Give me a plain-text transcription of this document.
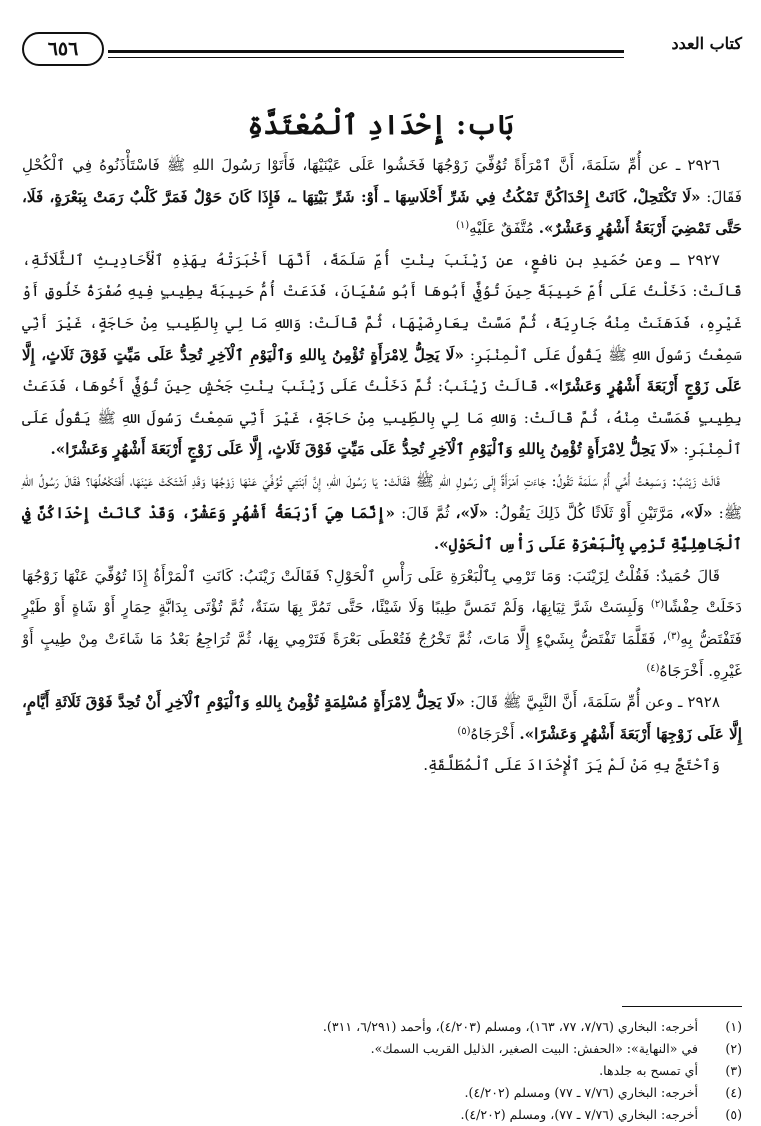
٦٥٦	كتاب العدد
بَاب: إِحْدَادِ ٱلْمُعْتَدَّةِ

٢٩٢٦ ـ عن أُمِّ سَلَمَةَ، أَنَّ ٱمْرَأَةً تُوُفِّيَ زَوْجُهَا فَخَشُوا عَلَى عَيْنَيْهَا، فَأَتَوْا رَسُولَ اللهِ ﷺ فَاسْتَأْذَنُوهُ فِي ٱلْكُحْلِ فَقَالَ: «لَا تَكْتَحِلْ، كَانَتْ إِحْدَاكُنَّ تَمْكُثُ فِي شَرِّ أَحْلَاسِهَا ـ أَوْ: شَرِّ بَيْتِهَا ـ، فَإِذَا كَانَ حَوْلٌ فَمَرَّ كَلْبٌ رَمَتْ بِبَعْرَةٍ، فَلَا، حَتَّى تَمْضِيَ أَرْبَعَةُ أَشْهُرٍ وَعَشْرٌ». مُتَّفَقٌ عَلَيْهِ$^{(١)}$

٢٩٢٧ ـ وعن حُمَيدِ بن نافعٍ، عن زَيْنَبَ بِنْتِ أُمِّ سَلَمَةَ، أَنَّهَا أَخْبَرَتْهُ بِهَذِهِ ٱلْأَحَادِيثِ ٱلثَّلَاثَةِ، قَالَتْ: دَخَلْتُ عَلَى أُمِّ حَبِيبَةَ حِينَ تُوُفِّيَ أَبُوهَا أَبُو سُفْيَانَ، فَدَعَتْ أُمُّ حَبِيبَةَ بِطِيبٍ فِيهِ صُفْرَةُ خَلُوقٍ أَوْ غَيْرِهِ، فَدَهَنَتْ مِنْهُ جَارِيَةً، ثُمَّ مَسَّتْ بِعَارِضَيْهَا، ثُمَّ قَالَتْ: وَاللهِ مَا لِي بِالطِّيبِ مِنْ حَاجَةٍ، غَيْرَ أَنِّي سَمِعْتُ رَسُولَ اللهِ ﷺ يَقُولُ عَلَى ٱلْمِنْبَرِ: «لَا يَحِلُّ لِامْرَأَةٍ تُؤْمِنُ بِاللهِ وَٱلْيَوْمِ ٱلْآخِرِ تُحِدُّ عَلَى مَيِّتٍ فَوْقَ ثَلَاثٍ، إِلَّا عَلَى زَوْجٍ أَرْبَعَةَ أَشْهُرٍ وَعَشْرًا». قَالَتْ زَيْنَبُ: ثُمَّ دَخَلْتُ عَلَى زَيْنَبَ بِنْتِ جَحْشٍ حِينَ تُوُفِّيَ أَخُوهَا، فَدَعَتْ بِطِيبٍ فَمَسَّتْ مِنْهُ، ثُمَّ قَالَتْ: وَاللهِ مَا لِي بِالطِّيبِ مِنْ حَاجَةٍ، غَيْرَ أَنِّي سَمِعْتُ رَسُولَ اللهِ ﷺ يَقُولُ عَلَى ٱلْمِنْبَرِ: «لَا يَحِلُّ لِامْرَأَةٍ تُؤْمِنُ بِاللهِ وَٱلْيَوْمِ ٱلْآخِرِ تُحِدُّ عَلَى مَيِّتٍ فَوْقَ ثَلَاثٍ، إِلَّا عَلَى زَوْجٍ أَرْبَعَةَ أَشْهُرٍ وَعَشْرًا».

قَالَتْ زَيْنَبُ: وَسَمِعْتُ أُمِّي أُمَّ سَلَمَةَ تَقُولُ: جَاءَتِ ٱمْرَأَةٌ إِلَى رَسُولِ اللهِ ﷺ فَقَالَتْ: يَا رَسُولَ اللهِ، إِنَّ ٱبْنَتِي تُوُفِّيَ عَنْهَا زَوْجُهَا وَقَدِ ٱشْتَكَتْ عَيْنَهَا، أَفَتَكْحُلُهَا؟ فَقَالَ رَسُولُ اللهِ ﷺ: «لَا»، مَرَّتَيْنِ أَوْ ثَلَاثًا كُلَّ ذَلِكَ يَقُولُ: «لَا»، ثُمَّ قَالَ: «إِنَّمَا هِيَ أَرْبَعَةُ أَشْهُرٍ وَعَشْرٌ، وَقَدْ كَانَتْ إِحْدَاكُنَّ فِي ٱلْجَاهِلِيَّةِ تَرْمِي بِٱلْبَعْرَةِ عَلَى رَأْسِ ٱلْحَوْلِ».

قَالَ حُمَيدٌ: فَقُلْتُ لِزَيْنَبَ: وَمَا تَرْمِي بِٱلْبَعْرَةِ عَلَى رَأْسِ ٱلْحَوْلِ؟ فَقَالَتْ زَيْنَبُ: كَانَتِ ٱلْمَرْأَةُ إِذَا تُوُفِّيَ عَنْهَا زَوْجُهَا دَخَلَتْ حِفْشًا$^{(٢)}$ وَلَبِسَتْ شَرَّ ثِيَابِهَا، وَلَمْ تَمَسَّ طِيبًا وَلَا شَيْئًا، حَتَّى تَمُرَّ بِهَا سَنَةٌ، ثُمَّ تُؤْتَى بِدَابَّةٍ حِمَارٍ أَوْ شَاةٍ أَوْ طَيْرٍ فَتَفْتَضُّ بِهِ$^{(٣)}$، فَقَلَّمَا تَفْتَضُّ بِشَيْءٍ إِلَّا مَاتَ، ثُمَّ تَخْرُجُ فَتُعْطَى بَعْرَةً فَتَرْمِي بِهَا، ثُمَّ تُرَاجِعُ بَعْدُ مَا شَاءَتْ مِنْ طِيبٍ أَوْ غَيْرِهِ. أَخْرَجَاهُ$^{(٤)}$

٢٩٢٨ ـ وعن أُمِّ سَلَمَةَ، أَنَّ النَّبِيَّ ﷺ قَالَ: «لَا يَحِلُّ لِامْرَأَةٍ مُسْلِمَةٍ تُؤْمِنُ بِاللهِ وَٱلْيَوْمِ ٱلْآخِرِ أَنْ تُحِدَّ فَوْقَ ثَلَاثَةِ أَيَّامٍ، إِلَّا عَلَى زَوْجِهَا أَرْبَعَةَ أَشْهُرٍ وَعَشْرًا». أَخْرَجَاهُ$^{(٥)}$

وَٱحْتَجَّ بِهِ مَنْ لَمْ يَرَ ٱلْإِحْدَادَ عَلَى ٱلْمُطَلَّقَةِ.

(١)
أخرجه: البخاري (٧/٧٦، ٧٧، ١٦٣)، ومسلم (٤/٢٠٣)، وأحمد (٦/٢٩١، ٣١١).
(٢)
في «النهاية»: «الحفش: البيت الصغير، الذليل القريب السمك».
(٣)
أي تمسح به جلدها.
(٤)
أخرجه: البخاري (٧/٧٦ ـ ٧٧) ومسلم (٤/٢٠٢).
(٥)
أخرجه: البخاري (٧/٧٦ ـ ٧٧)، ومسلم (٤/٢٠٢).
